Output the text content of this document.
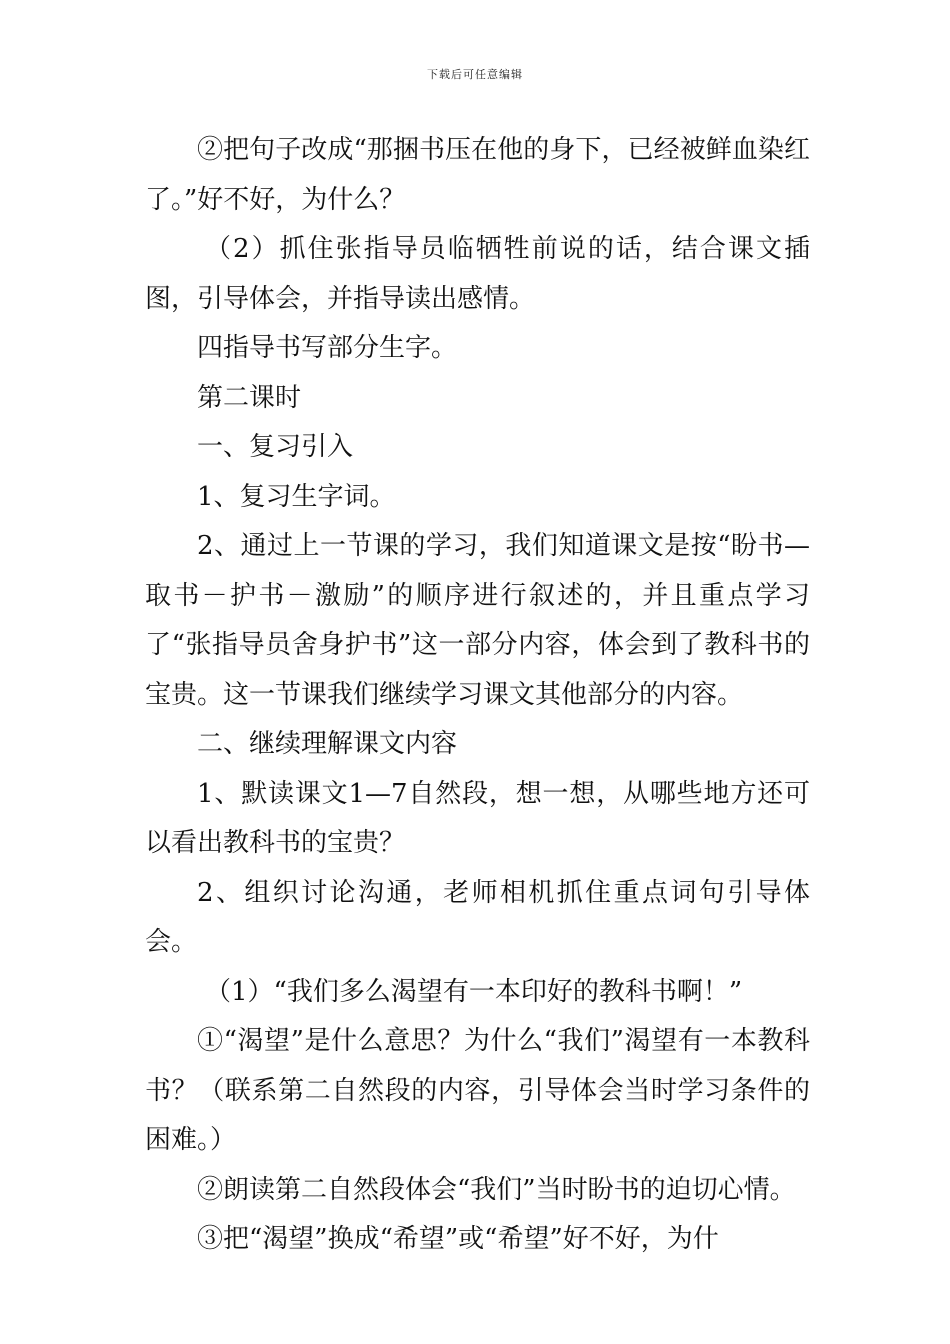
下载后可任意编辑

②把句子改成“那捆书压在他的身下，已经被鲜血染红了。”好不好，为什么？

（2）抓住张指导员临牺牲前说的话，结合课文插图，引导体会，并指导读出感情。

四指导书写部分生字。

第二课时

一、复习引入

1、复习生字词。

2、通过上一节课的学习，我们知道课文是按“盼书—取书－护书－激励”的顺序进行叙述的，并且重点学习了“张指导员舍身护书”这一部分内容，体会到了教科书的宝贵。这一节课我们继续学习课文其他部分的内容。

二、继续理解课文内容

1、默读课文1—7自然段，想一想，从哪些地方还可以看出教科书的宝贵？

2、组织讨论沟通，老师相机抓住重点词句引导体会。

（1）“我们多么渴望有一本印好的教科书啊！”

①“渴望”是什么意思？为什么“我们”渴望有一本教科书？（联系第二自然段的内容，引导体会当时学习条件的困难。）

②朗读第二自然段体会“我们”当时盼书的迫切心情。

③把“渴望”换成“希望”或“希望”好不好，为什
